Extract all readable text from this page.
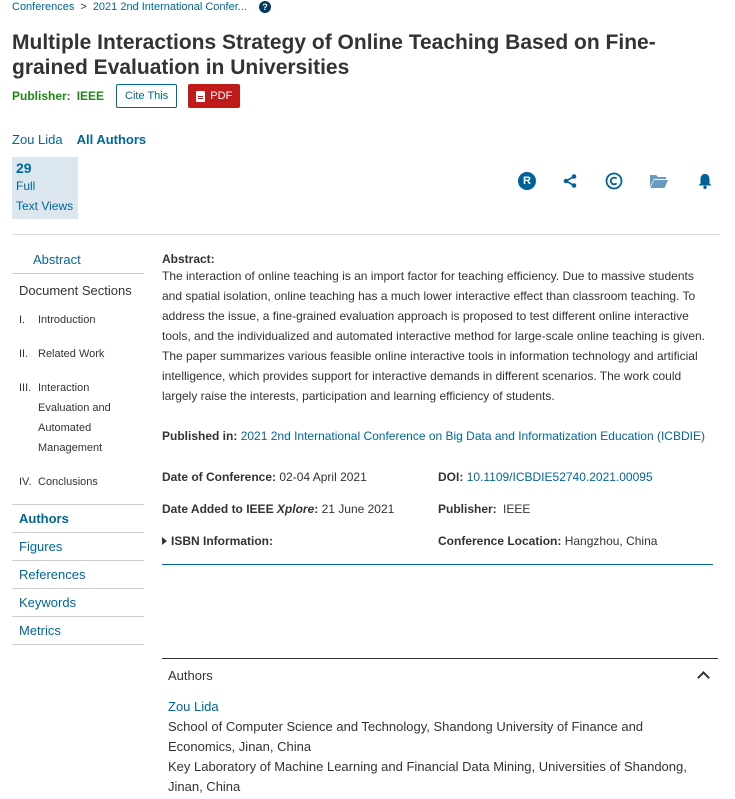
Conferences > 2021 2nd International Confer...	?
Multiple Interactions Strategy of Online Teaching Based on Fine-grained Evaluation in Universities
Publisher: IEEE	Cite This	PDF
Zou Lida All Authors
29
Full
Text Views
R
Abstract
Document Sections
I.	Introduction
II. Related Work
III. Interaction Evaluation and Automated Management
IV. Conclusions
Authors
Figures
References
Keywords
Metrics
Abstract:
The interaction of online teaching is an import factor for teaching efficiency. Due to massive students and spatial isolation, online teaching has a much lower interactive effect than classroom teaching. To address the issue, a fine-grained evaluation approach is proposed to test different online interactive tools, and the individualized and automated interactive method for large-scale online teaching is given. The paper summarizes various feasible online interactive tools in information technology and artificial intelligence, which provides support for interactive demands in different scenarios. The work could largely raise the interests, participation and learning efficiency of students.
Published in: 2021 2nd International Conference on Big Data and Informatization Education (ICBDIE)
Date of Conference: 02-04 April 2021	DOI: 10.1109/ICBDIE52740.2021.00095
Date Added to IEEE Xplore: 21 June 2021	Publisher: IEEE
ISBN Information:	Conference Location: Hangzhou, China
Authors
Zou Lida
School of Computer Science and Technology, Shandong University of Finance and Economics, Jinan, China
Key Laboratory of Machine Learning and Financial Data Mining, Universities of Shandong, Jinan, China
